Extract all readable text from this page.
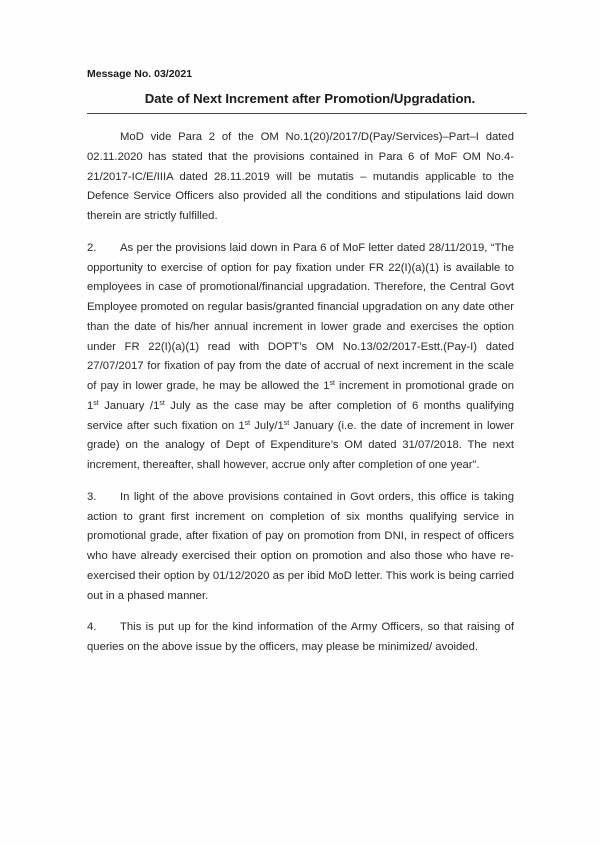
Message No. 03/2021
Date of Next Increment after Promotion/Upgradation.

MoD vide Para 2 of the OM No.1(20)/2017/D(Pay/Services)–Part–I dated 02.11.2020 has stated that the provisions contained in Para 6 of MoF OM No.4-21/2017-IC/E/IIIA dated 28.11.2019 will be mutatis – mutandis applicable to the Defence Service Officers also provided all the conditions and stipulations laid down therein are strictly fulfilled.

2. As per the provisions laid down in Para 6 of MoF letter dated 28/11/2019, “The opportunity to exercise of option for pay fixation under FR 22(I)(a)(1) is available to employees in case of promotional/financial upgradation. Therefore, the Central Govt Employee promoted on regular basis/granted financial upgradation on any date other than the date of his/her annual increment in lower grade and exercises the option under FR 22(I)(a)(1) read with DOPT’s OM No.13/02/2017-Estt.(Pay-I) dated 27/07/2017 for fixation of pay from the date of accrual of next increment in the scale of pay in lower grade, he may be allowed the 1st increment in promotional grade on 1st January /1st July as the case may be after completion of 6 months qualifying service after such fixation on 1st July/1st January (i.e. the date of increment in lower grade) on the analogy of Dept of Expenditure’s OM dated 31/07/2018. The next increment, thereafter, shall however, accrue only after completion of one year”.

3. In light of the above provisions contained in Govt orders, this office is taking action to grant first increment on completion of six months qualifying service in promotional grade, after fixation of pay on promotion from DNI, in respect of officers who have already exercised their option on promotion and also those who have re-exercised their option by 01/12/2020 as per ibid MoD letter. This work is being carried out in a phased manner.

4. This is put up for the kind information of the Army Officers, so that raising of queries on the above issue by the officers, may please be minimized/ avoided.
